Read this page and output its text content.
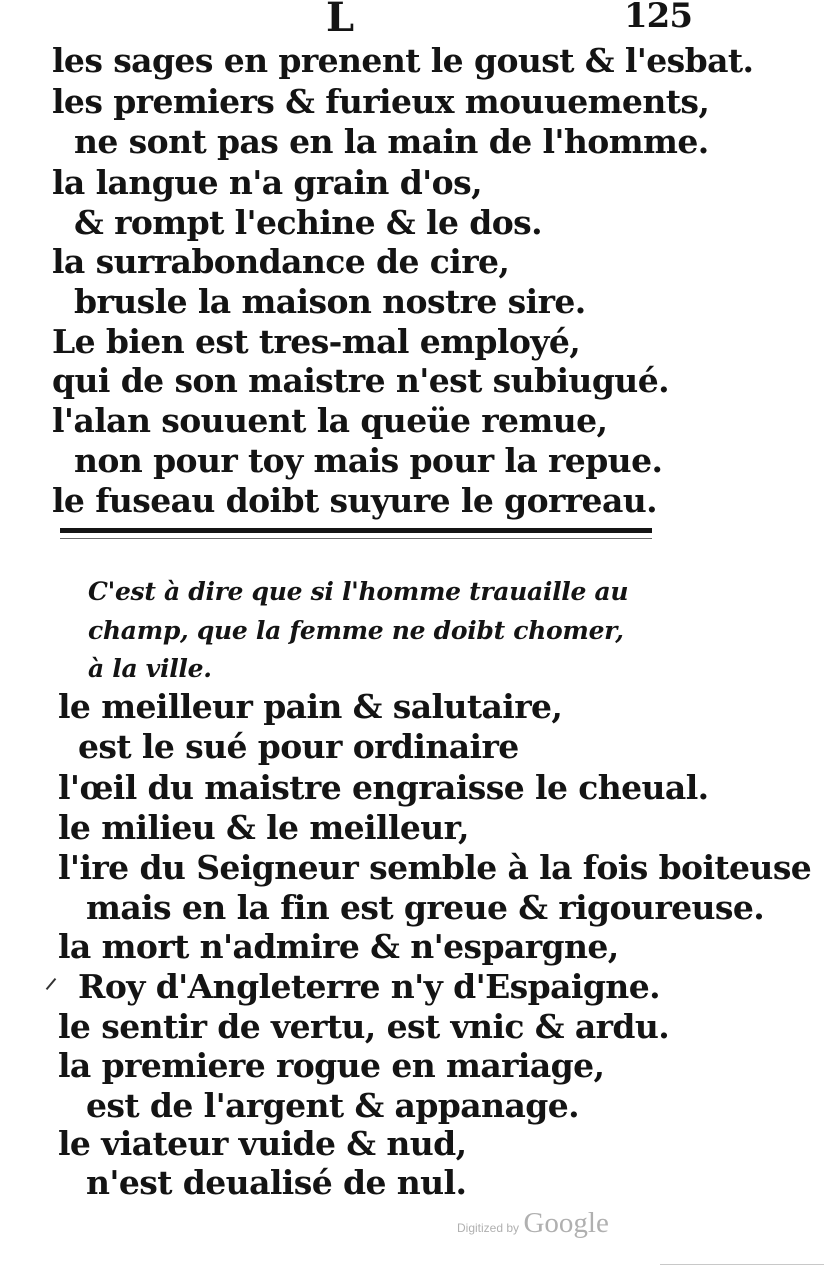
L	125
les sages en prenent le goust & l'esbat.
les premiers & furieux mouuements,
ne sont pas en la main de l'homme.
la langue n'a grain d'os,
& rompt l'echine & le dos.
la surrabondance de cire,
brusle la maison nostre sire.
Le bien est tres-mal employé,
qui de son maistre n'est subiugué.
l'alan souuent la queüe remue,
non pour toy mais pour la repue.
le fuseau doibt suyure le gorreau.
C'est à dire que si l'homme trauaille au
champ, que la femme ne doibt chomer,
à la ville.
le meilleur pain & salutaire,
est le sué pour ordinaire
l'œil du maistre engraisse le cheual.
le milieu & le meilleur,
l'ire du Seigneur semble à la fois boiteuse
mais en la fin est greue & rigoureuse.
la mort n'admire & n'espargne,
Roy d'Angleterre n'y d'Espaigne.
le sentir de vertu, est vnic & ardu.
la premiere rogue en mariage,
est de l'argent & appanage.
le viateur vuide & nud,
n'est deualisé de nul.
Digitized by Google
